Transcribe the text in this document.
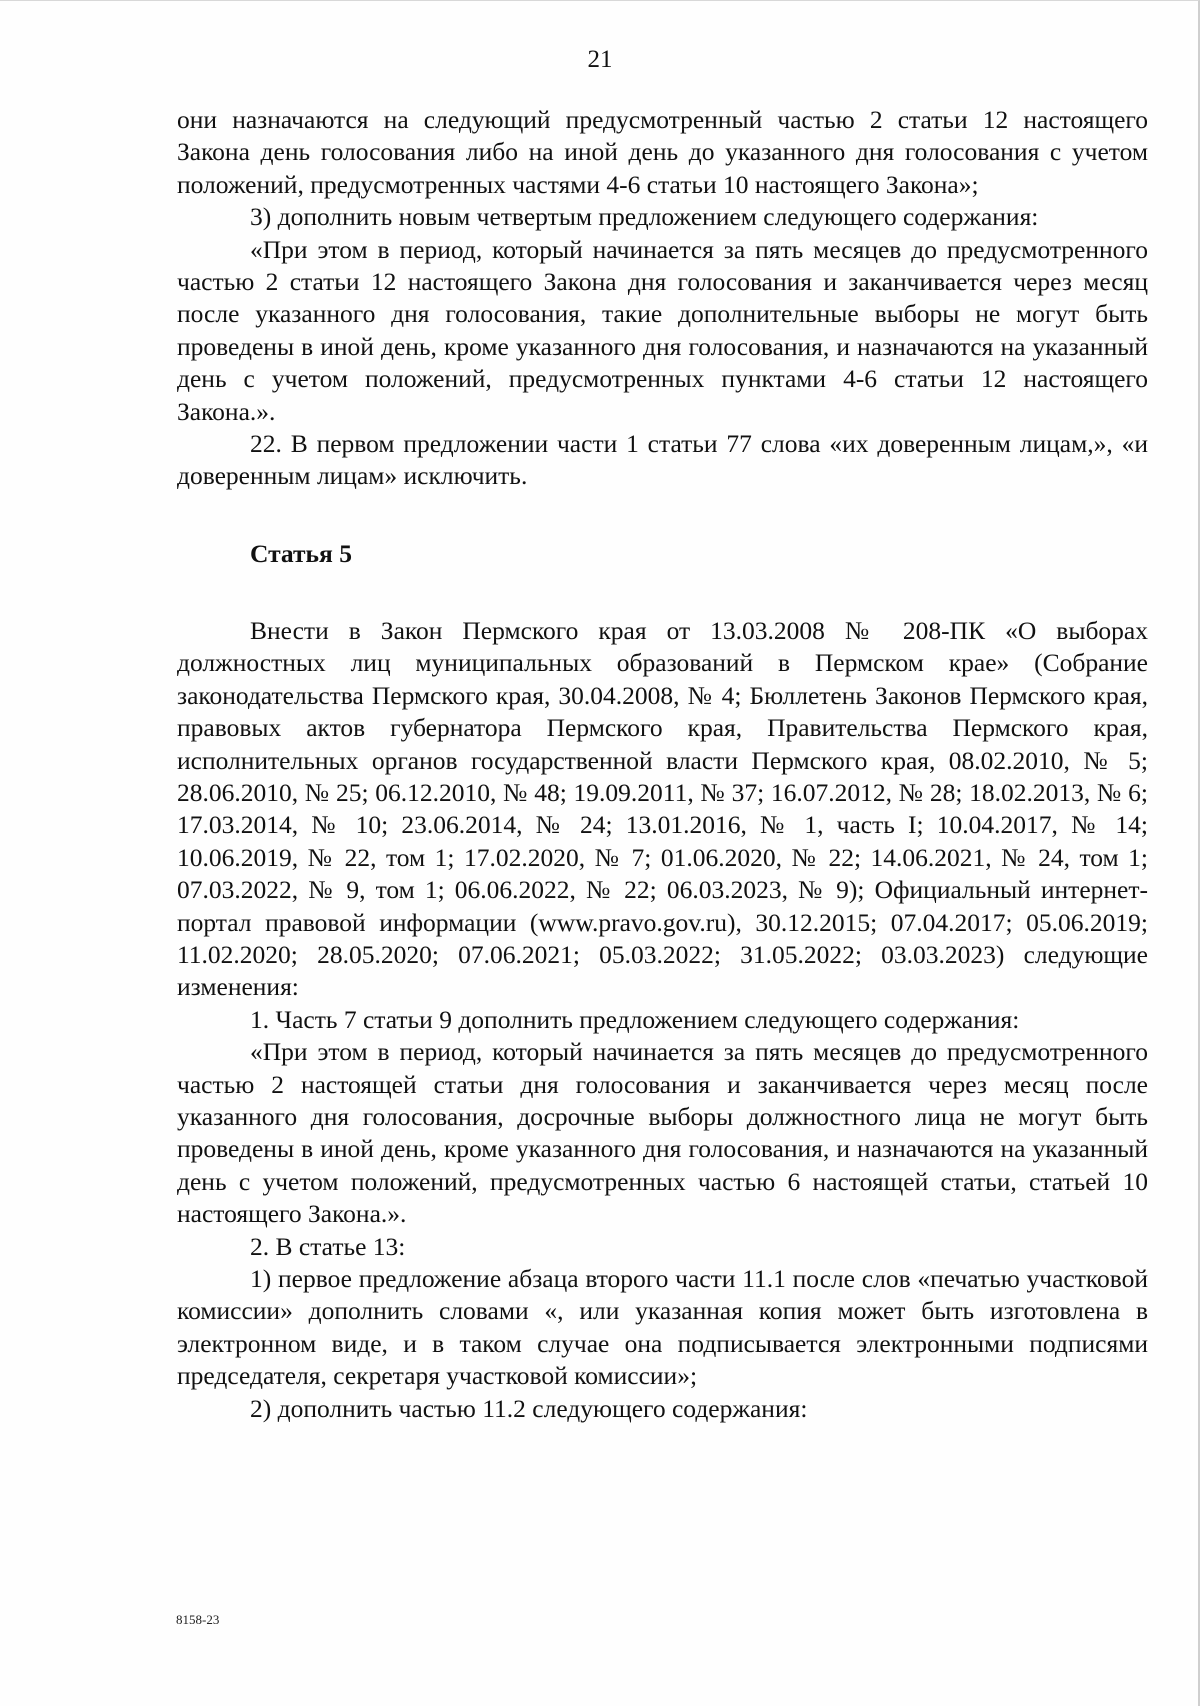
21

они назначаются на следующий предусмотренный частью 2 статьи 12 настоящего Закона день голосования либо на иной день до указанного дня голосования с учетом положений, предусмотренных частями 4-6 статьи 10 настоящего Закона»;

3) дополнить новым четвертым предложением следующего содержания:

«При этом в период, который начинается за пять месяцев до предусмотренного частью 2 статьи 12 настоящего Закона дня голосования и заканчивается через месяц после указанного дня голосования, такие дополнительные выборы не могут быть проведены в иной день, кроме указанного дня голосования, и назначаются на указанный день с учетом положений, предусмотренных пунктами 4-6 статьи 12 настоящего Закона.».

22. В первом предложении части 1 статьи 77 слова «их доверенным лицам,», «и доверенным лицам» исключить.

Статья 5

Внести в Закон Пермского края от 13.03.2008 № 208-ПК «О выборах должностных лиц муниципальных образований в Пермском крае» (Собрание законодательства Пермского края, 30.04.2008, № 4; Бюллетень Законов Пермского края, правовых актов губернатора Пермского края, Правительства Пермского края, исполнительных органов государственной власти Пермского края, 08.02.2010, № 5; 28.06.2010, № 25; 06.12.2010, № 48; 19.09.2011, № 37; 16.07.2012, № 28; 18.02.2013, № 6; 17.03.2014, № 10; 23.06.2014, № 24; 13.01.2016, № 1, часть I; 10.04.2017, № 14; 10.06.2019, № 22, том 1; 17.02.2020, № 7; 01.06.2020, № 22; 14.06.2021, № 24, том 1; 07.03.2022, № 9, том 1; 06.06.2022, № 22; 06.03.2023, № 9); Официальный интернет-портал правовой информации (www.pravo.gov.ru), 30.12.2015; 07.04.2017; 05.06.2019; 11.02.2020; 28.05.2020; 07.06.2021; 05.03.2022; 31.05.2022; 03.03.2023) следующие изменения:

1. Часть 7 статьи 9 дополнить предложением следующего содержания:

«При этом в период, который начинается за пять месяцев до предусмотренного частью 2 настоящей статьи дня голосования и заканчивается через месяц после указанного дня голосования, досрочные выборы должностного лица не могут быть проведены в иной день, кроме указанного дня голосования, и назначаются на указанный день с учетом положений, предусмотренных частью 6 настоящей статьи, статьей 10 настоящего Закона.».

2. В статье 13:

1) первое предложение абзаца второго части 11.1 после слов «печатью участковой комиссии» дополнить словами «, или указанная копия может быть изготовлена в электронном виде, и в таком случае она подписывается электронными подписями председателя, секретаря участковой комиссии»;

2) дополнить частью 11.2 следующего содержания:

8158-23
